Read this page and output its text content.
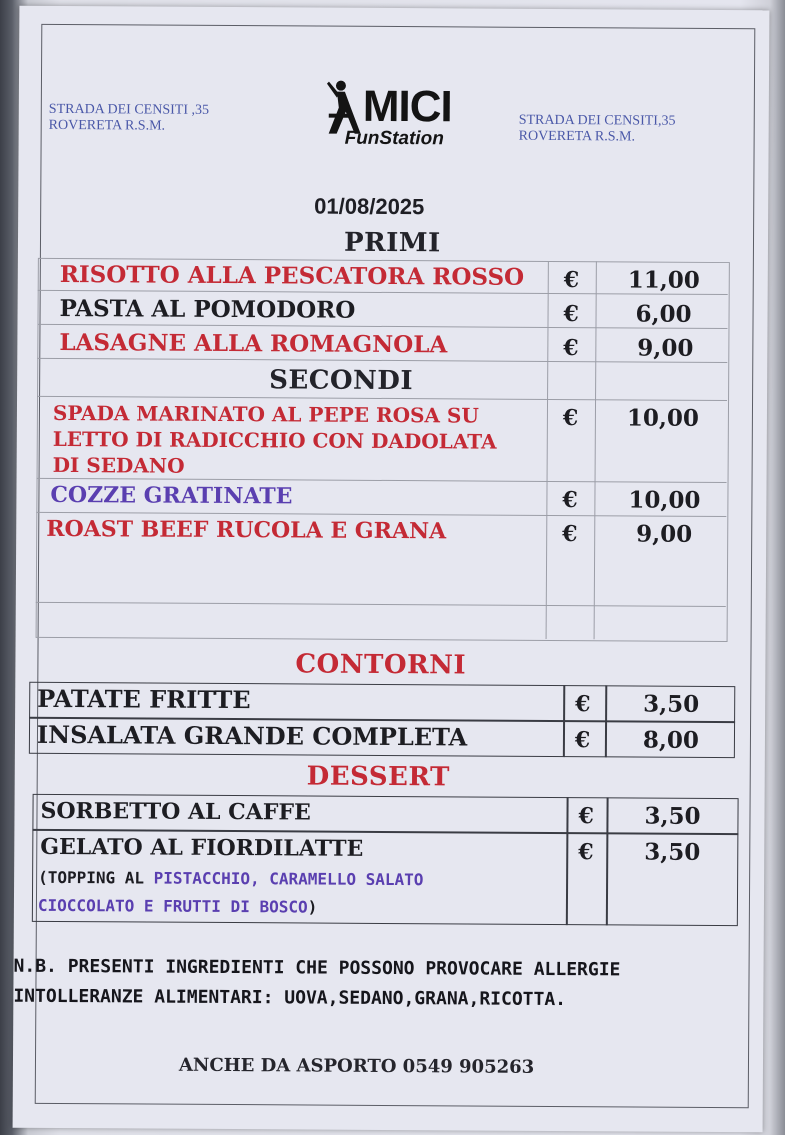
STRADA DEI CENSITI ,35
ROVERETA R.S.M.	STRADA DEI CENSITI,35
ROVERETA R.S.M.
MICI
FunStation
01/08/2025
PRIMI
RISOTTO ALLA PESCATORA ROSSO € 11,00
PASTA AL POMODORO	€ 6,00
LASAGNE ALLA ROMAGNOLA	€	9,00
SECONDI
SPADA MARINATO AL PEPE ROSA SU
LETTO DI RADICCHIO CON DADOLATA
DI SEDANO
€ 10,00
COZZE GRATINATE	€ 10,00
ROAST BEEF RUCOLA E GRANA	€	9,00
CONTORNI
PATATE FRITTE	€ 3,50
INSALATA GRANDE COMPLETA	€ 8,00
DESSERT
SORBETTO AL CAFFE	€ 3,50
GELATO AL FIORDILATTE	€ 3,50
(TOPPING AL PISTACCHIO, CARAMELLO SALATO
CIOCCOLATO E FRUTTI DI BOSCO)
N.B. PRESENTI INGREDIENTI CHE POSSONO PROVOCARE ALLERGIE
INTOLLERANZE ALIMENTARI: UOVA,SEDANO,GRANA,RICOTTA.
ANCHE DA ASPORTO 0549 905263
